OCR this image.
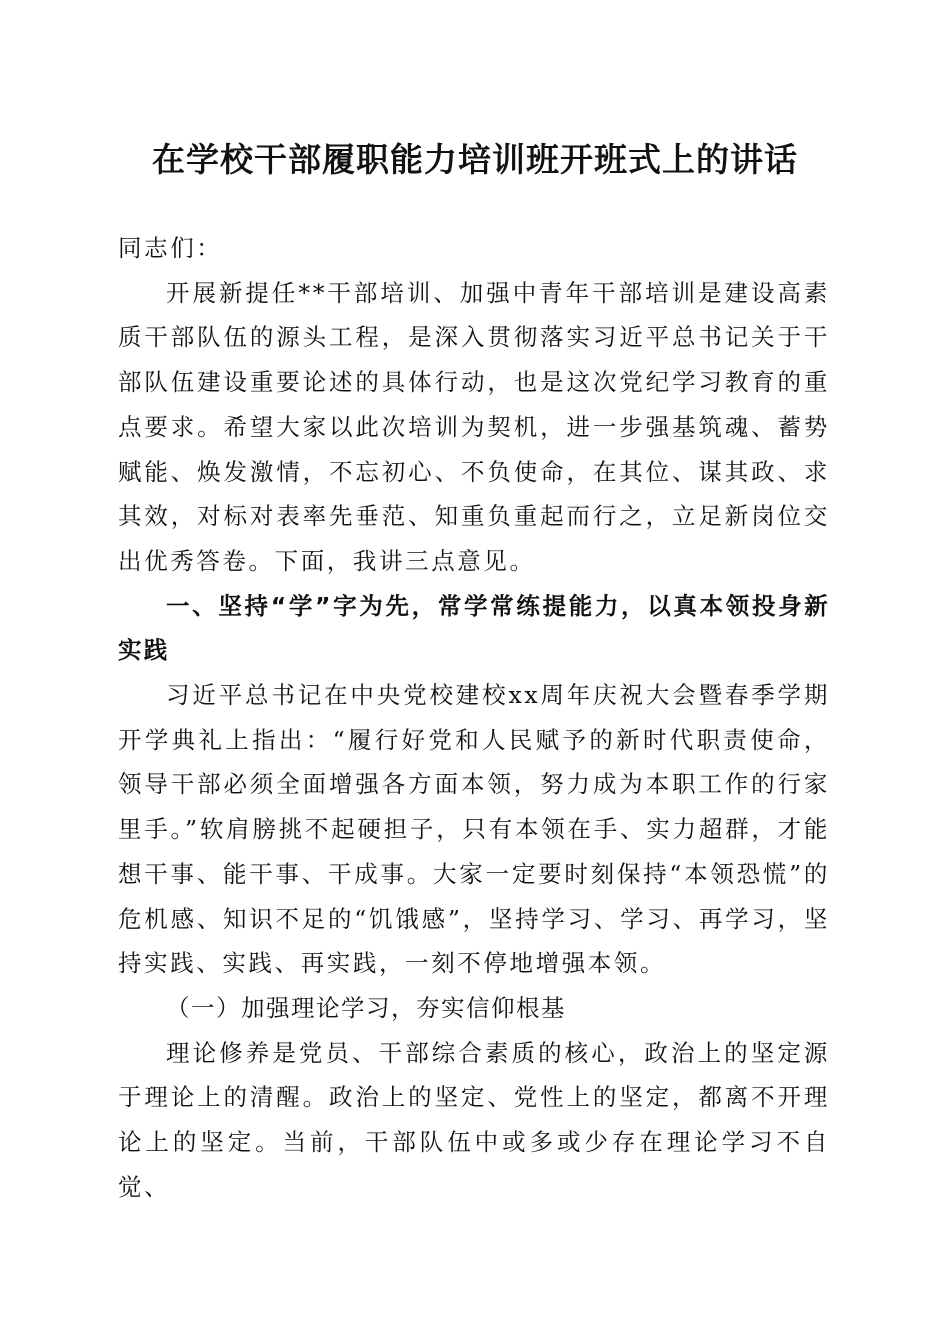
在学校干部履职能力培训班开班式上的讲话

同志们：

开展新提任**干部培训、加强中青年干部培训是建设高素质干部队伍的源头工程，是深入贯彻落实习近平总书记关于干部队伍建设重要论述的具体行动，也是这次党纪学习教育的重点要求。希望大家以此次培训为契机，进一步强基筑魂、蓄势赋能、焕发激情，不忘初心、不负使命，在其位、谋其政、求其效，对标对表率先垂范、知重负重起而行之，立足新岗位交出优秀答卷。下面，我讲三点意见。

一、坚持“学”字为先，常学常练提能力，以真本领投身新实践

习近平总书记在中央党校建校xx周年庆祝大会暨春季学期开学典礼上指出：“履行好党和人民赋予的新时代职责使命，领导干部必须全面增强各方面本领，努力成为本职工作的行家里手。”软肩膀挑不起硬担子，只有本领在手、实力超群，才能想干事、能干事、干成事。大家一定要时刻保持“本领恐慌”的危机感、知识不足的“饥饿感”，坚持学习、学习、再学习，坚持实践、实践、再实践，一刻不停地增强本领。

（一）加强理论学习，夯实信仰根基

理论修养是党员、干部综合素质的核心，政治上的坚定源于理论上的清醒。政治上的坚定、党性上的坚定，都离不开理论上的坚定。当前，干部队伍中或多或少存在理论学习不自觉、
